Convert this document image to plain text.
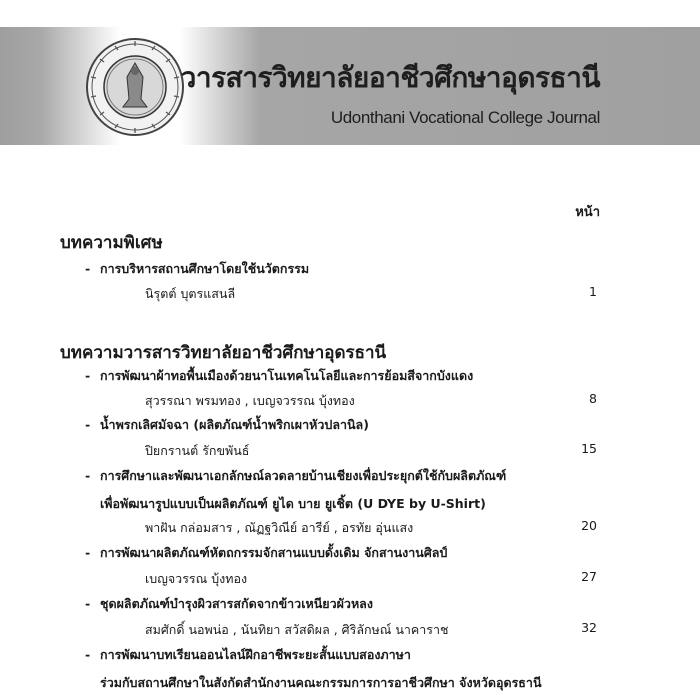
วารสารวิทยาลัยอาชีวศึกษาอุดรธานี
Udonthani Vocational College Journal
หน้า
บทความพิเศษ
- การบริหารสถานศึกษาโดยใช้นวัตกรรม
นิรุตต์ บุตรแสนลี	1
บทความวารสารวิทยาลัยอาชีวศึกษาอุดรธานี
- การพัฒนาผ้าทอพื้นเมืองด้วยนาโนเทคโนโลยีและการย้อมสีจากบังแดง
สุวรรณา พรมทอง , เบญจวรรณ บุ้งทอง	8
- น้ำพรกเลิศมัจฉา (ผลิตภัณฑ์น้ำพริกเผาหัวปลานิล)
ปิยกรานต์ รักขพันธ์	15
- การศึกษาและพัฒนาเอกลักษณ์ลวดลายบ้านเชียงเพื่อประยุกต์ใช้กับผลิตภัณฑ์
เพื่อพัฒนารูปแบบเป็นผลิตภัณฑ์ ยูได บาย ยูเชิ้ต (U DYE by U-Shirt)
พาฝัน กล่อมสาร , ณัฏฐวิณีย์ อารีย์ , อรทัย อุ่นแสง	20
- การพัฒนาผลิตภัณฑ์หัตถกรรมจักสานแบบดั้งเดิม จักสานงานศิลป์
เบญจวรรณ บุ้งทอง	27
- ชุดผลิตภัณฑ์บำรุงผิวสารสกัดจากข้าวเหนียวผัวหลง
สมศักดิ์ นอพน่อ , นันทิยา สวัสดิผล , ศิริลักษณ์ นาคาราช	32
- การพัฒนาบทเรียนออนไลน์ฝึกอาชีพระยะสั้นแบบสองภาษา
ร่วมกับสถานศึกษาในสังกัดสำนักงานคณะกรรมการการอาชีวศึกษา จังหวัดอุดรธานี
